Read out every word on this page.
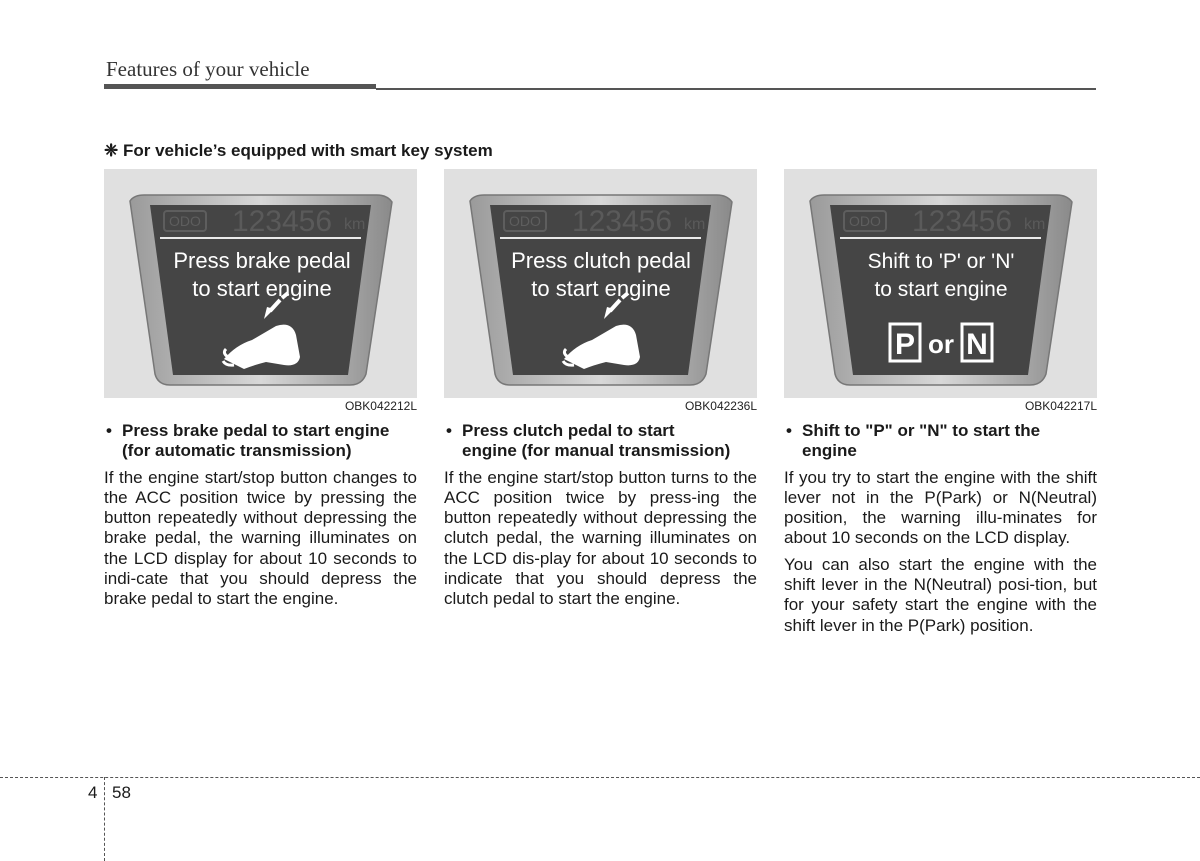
Features of your vehicle
❈ For vehicle’s equipped with smart key system
ODO 123456 km
Press brake pedal
to start engine
OBK042212L
ODO 123456 km
Press clutch pedal
to start engine
OBK042236L
ODO 123456 km
Shift to 'P' or 'N'
to start engine
P or N
OBK042217L
• Press brake pedal to start engine
(for automatic transmission)

If the engine start/stop button changes to the ACC position twice by pressing the button repeatedly without depressing the brake pedal, the warning illuminates on the LCD display for about 10 seconds to indi-cate that you should depress the brake pedal to start the engine.

• Press clutch pedal to start
engine (for manual transmission)

If the engine start/stop button turns to the ACC position twice by press-ing the button repeatedly without depressing the clutch pedal, the warning illuminates on the LCD dis-play for about 10 seconds to indicate that you should depress the clutch pedal to start the engine.

• Shift to "P" or "N" to start the
engine

If you try to start the engine with the shift lever not in the P(Park) or N(Neutral) position, the warning illu-minates for about 10 seconds on the LCD display.

You can also start the engine with the shift lever in the N(Neutral) posi-tion, but for your safety start the engine with the shift lever in the P(Park) position.

4 58
